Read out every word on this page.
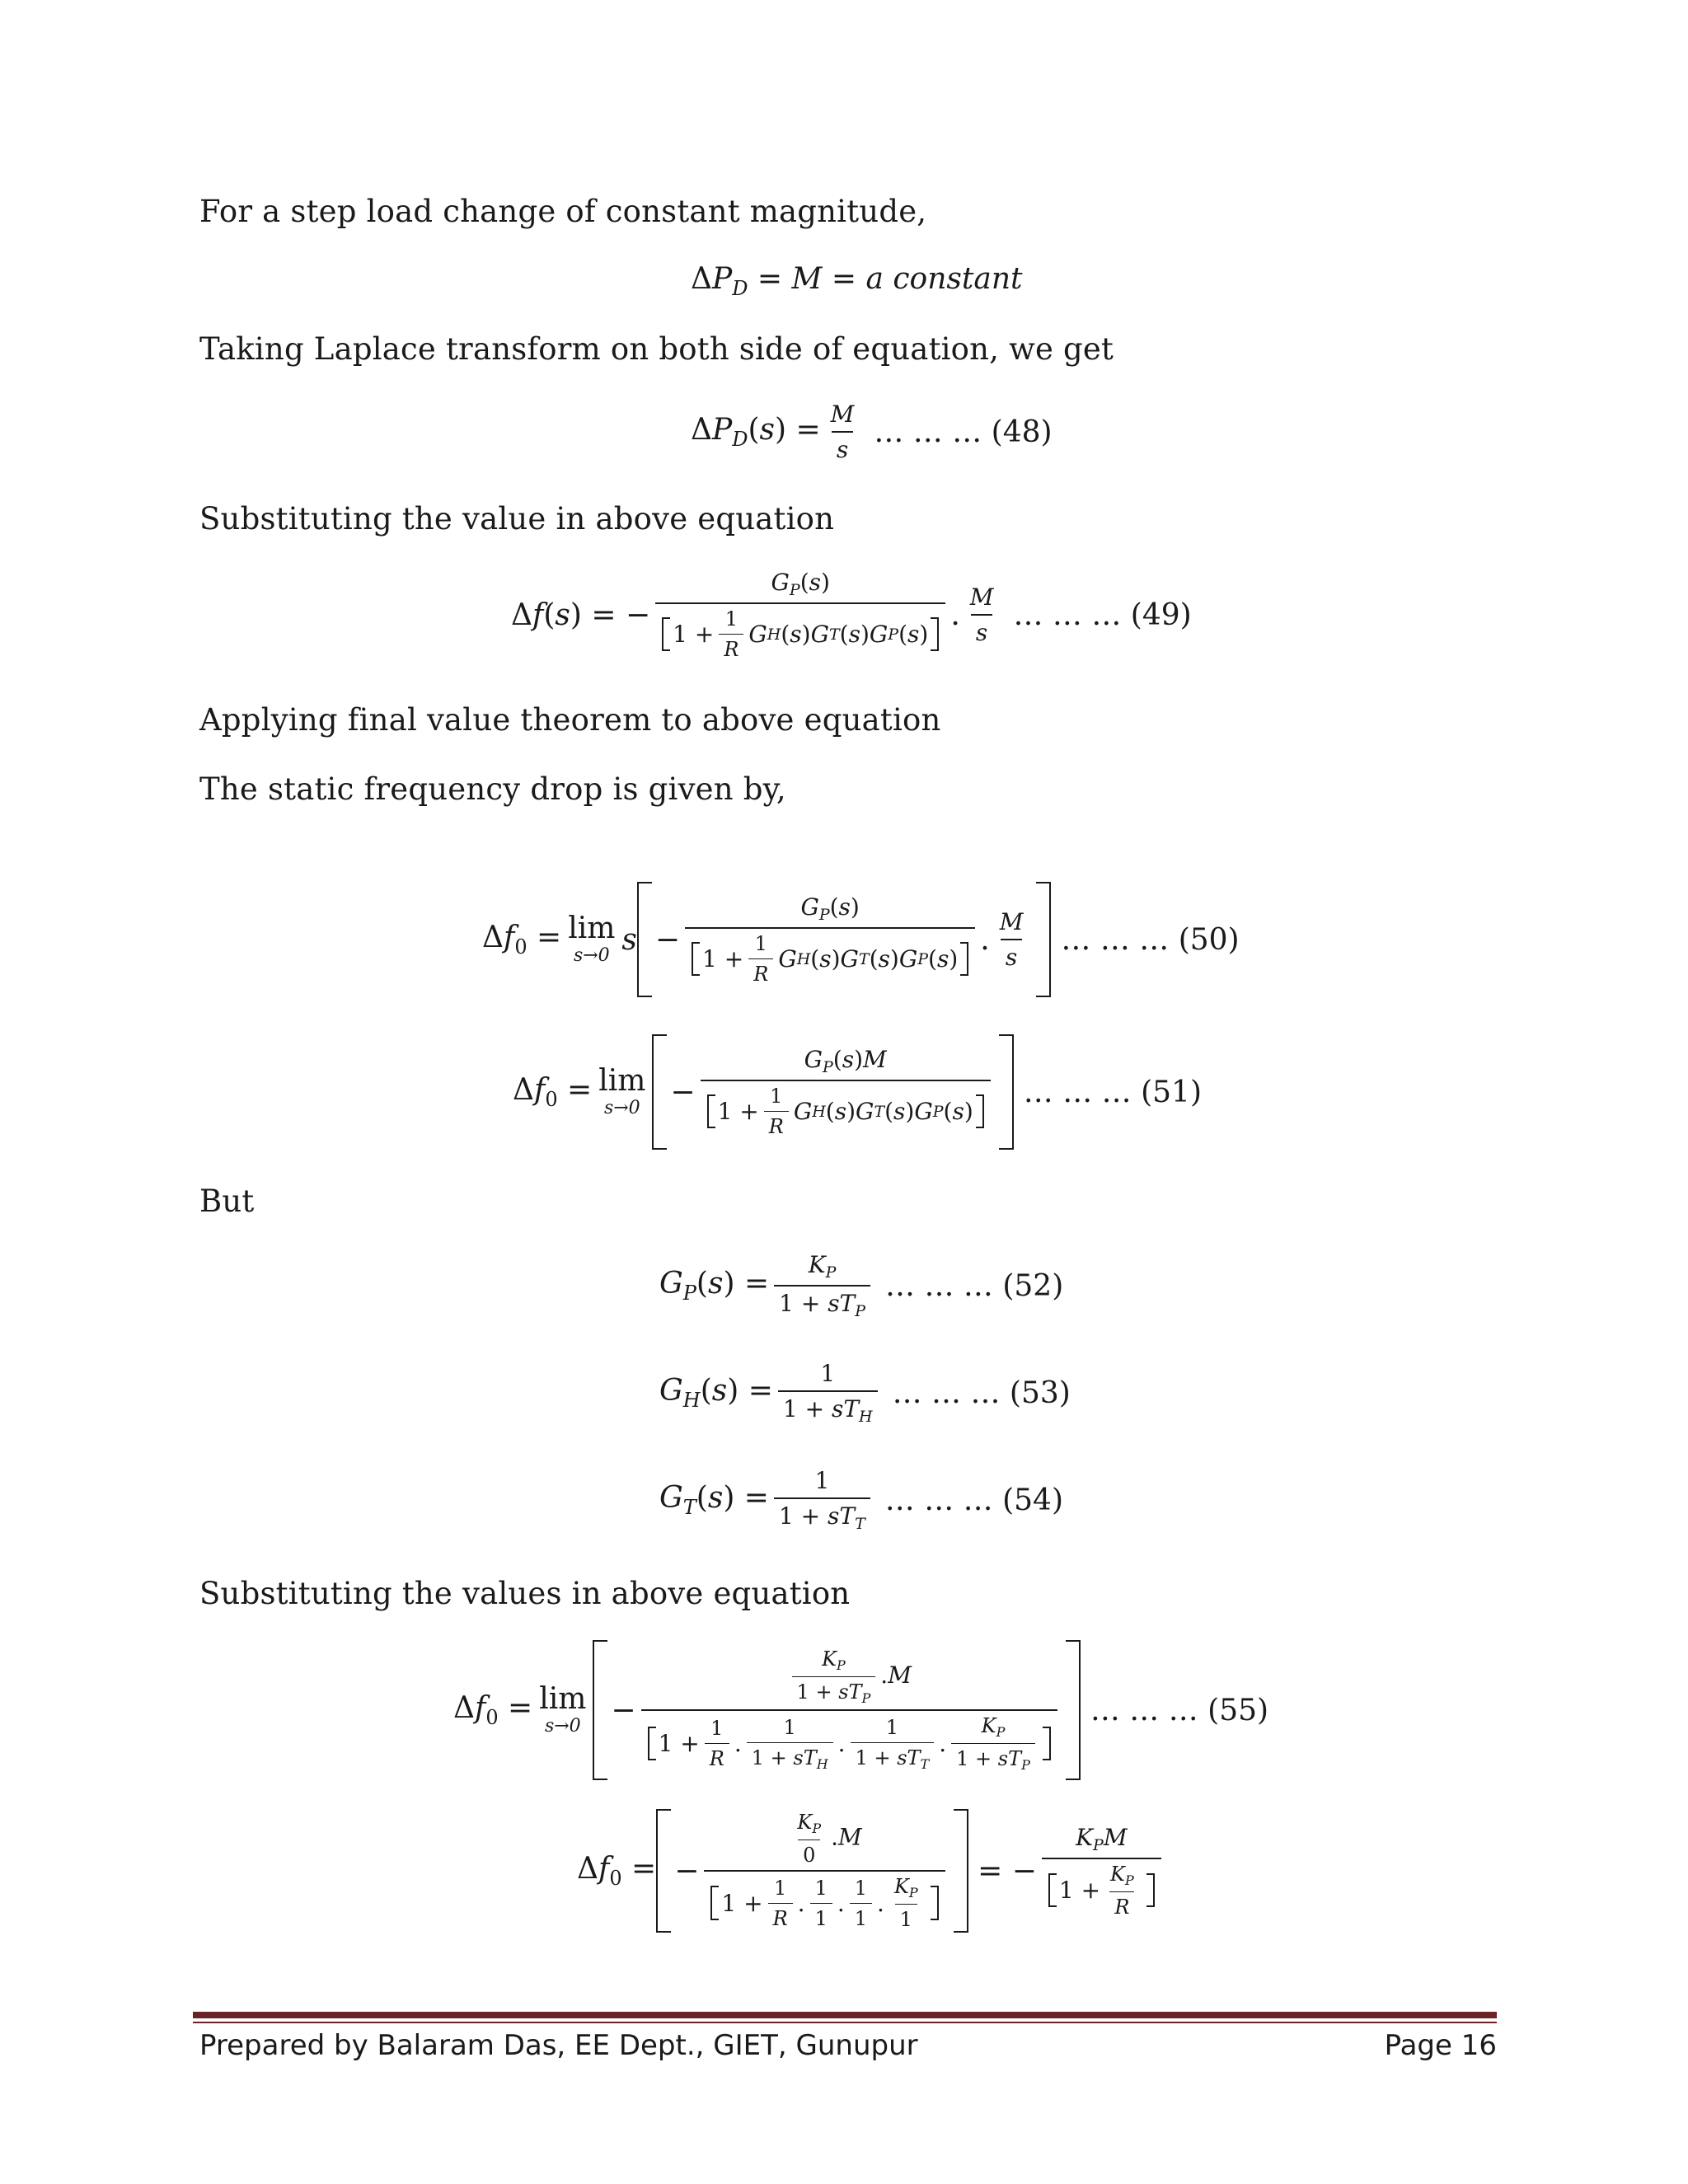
For a step load change of constant magnitude,
$\Delta P_D = M = a$ constant
Taking Laplace transform on both side of equation, we get
$\Delta P_D(s) = \frac{M}{s}$ … … … (48)
Substituting the value in above equation
Δf(s) = − $\frac{G_P(s)}{1 + \frac{1}{R} G H ( s ) G T ( s ) G P ( s )}$ . $\frac{M}{s}$ … … … (49)
Applying final value theorem to above equation
The static frequency drop is given by,
$\Delta f_0 = \lim$
s→0 $s - \frac{G_P(s)}{1 + \frac{1}{R} G H ( s ) G T ( s ) G P ( s )}$ . $\frac{M}{s}$ … … … (50)
$\Delta f_0 = \lim$
$s\to 0 - \frac{G_P(s)M}{1 + \frac{1}{R} G H ( s ) G T ( s ) G P ( s )}$ … … … (51)
But
$G_P(s) = \frac{K_P}{1 + sT_P}$ … … … (52)
$G_H(s) = \frac{1}{1 + sT_H}$ … … … (53)
$G_T(s) = \frac{1}{1 + sT_T}$ … … … (54)
Substituting the values in above equation
$\Delta f_0 = \lim$
$s\to 0 - \frac{\frac{K_P}{1 + sT_P} .M}{1 + \frac{1}{R} . \frac{1}{1 + sT_H} . \frac{1}{1 + sT_T} . \frac{K_P}{1 + sT_P}}$ … … … (55)
$\Delta f_0$ = − $\frac{\frac{K_P}{0} .M}{1 + \frac{1}{R} . \frac{1}{1} . \frac{1}{1} . \frac{K_P}{1}}$ = − $\frac{K_PM}{1 + \frac{K_P}{R}}$
Prepared by Balaram Das, EE Dept., GIET, Gunupur	Page 16
